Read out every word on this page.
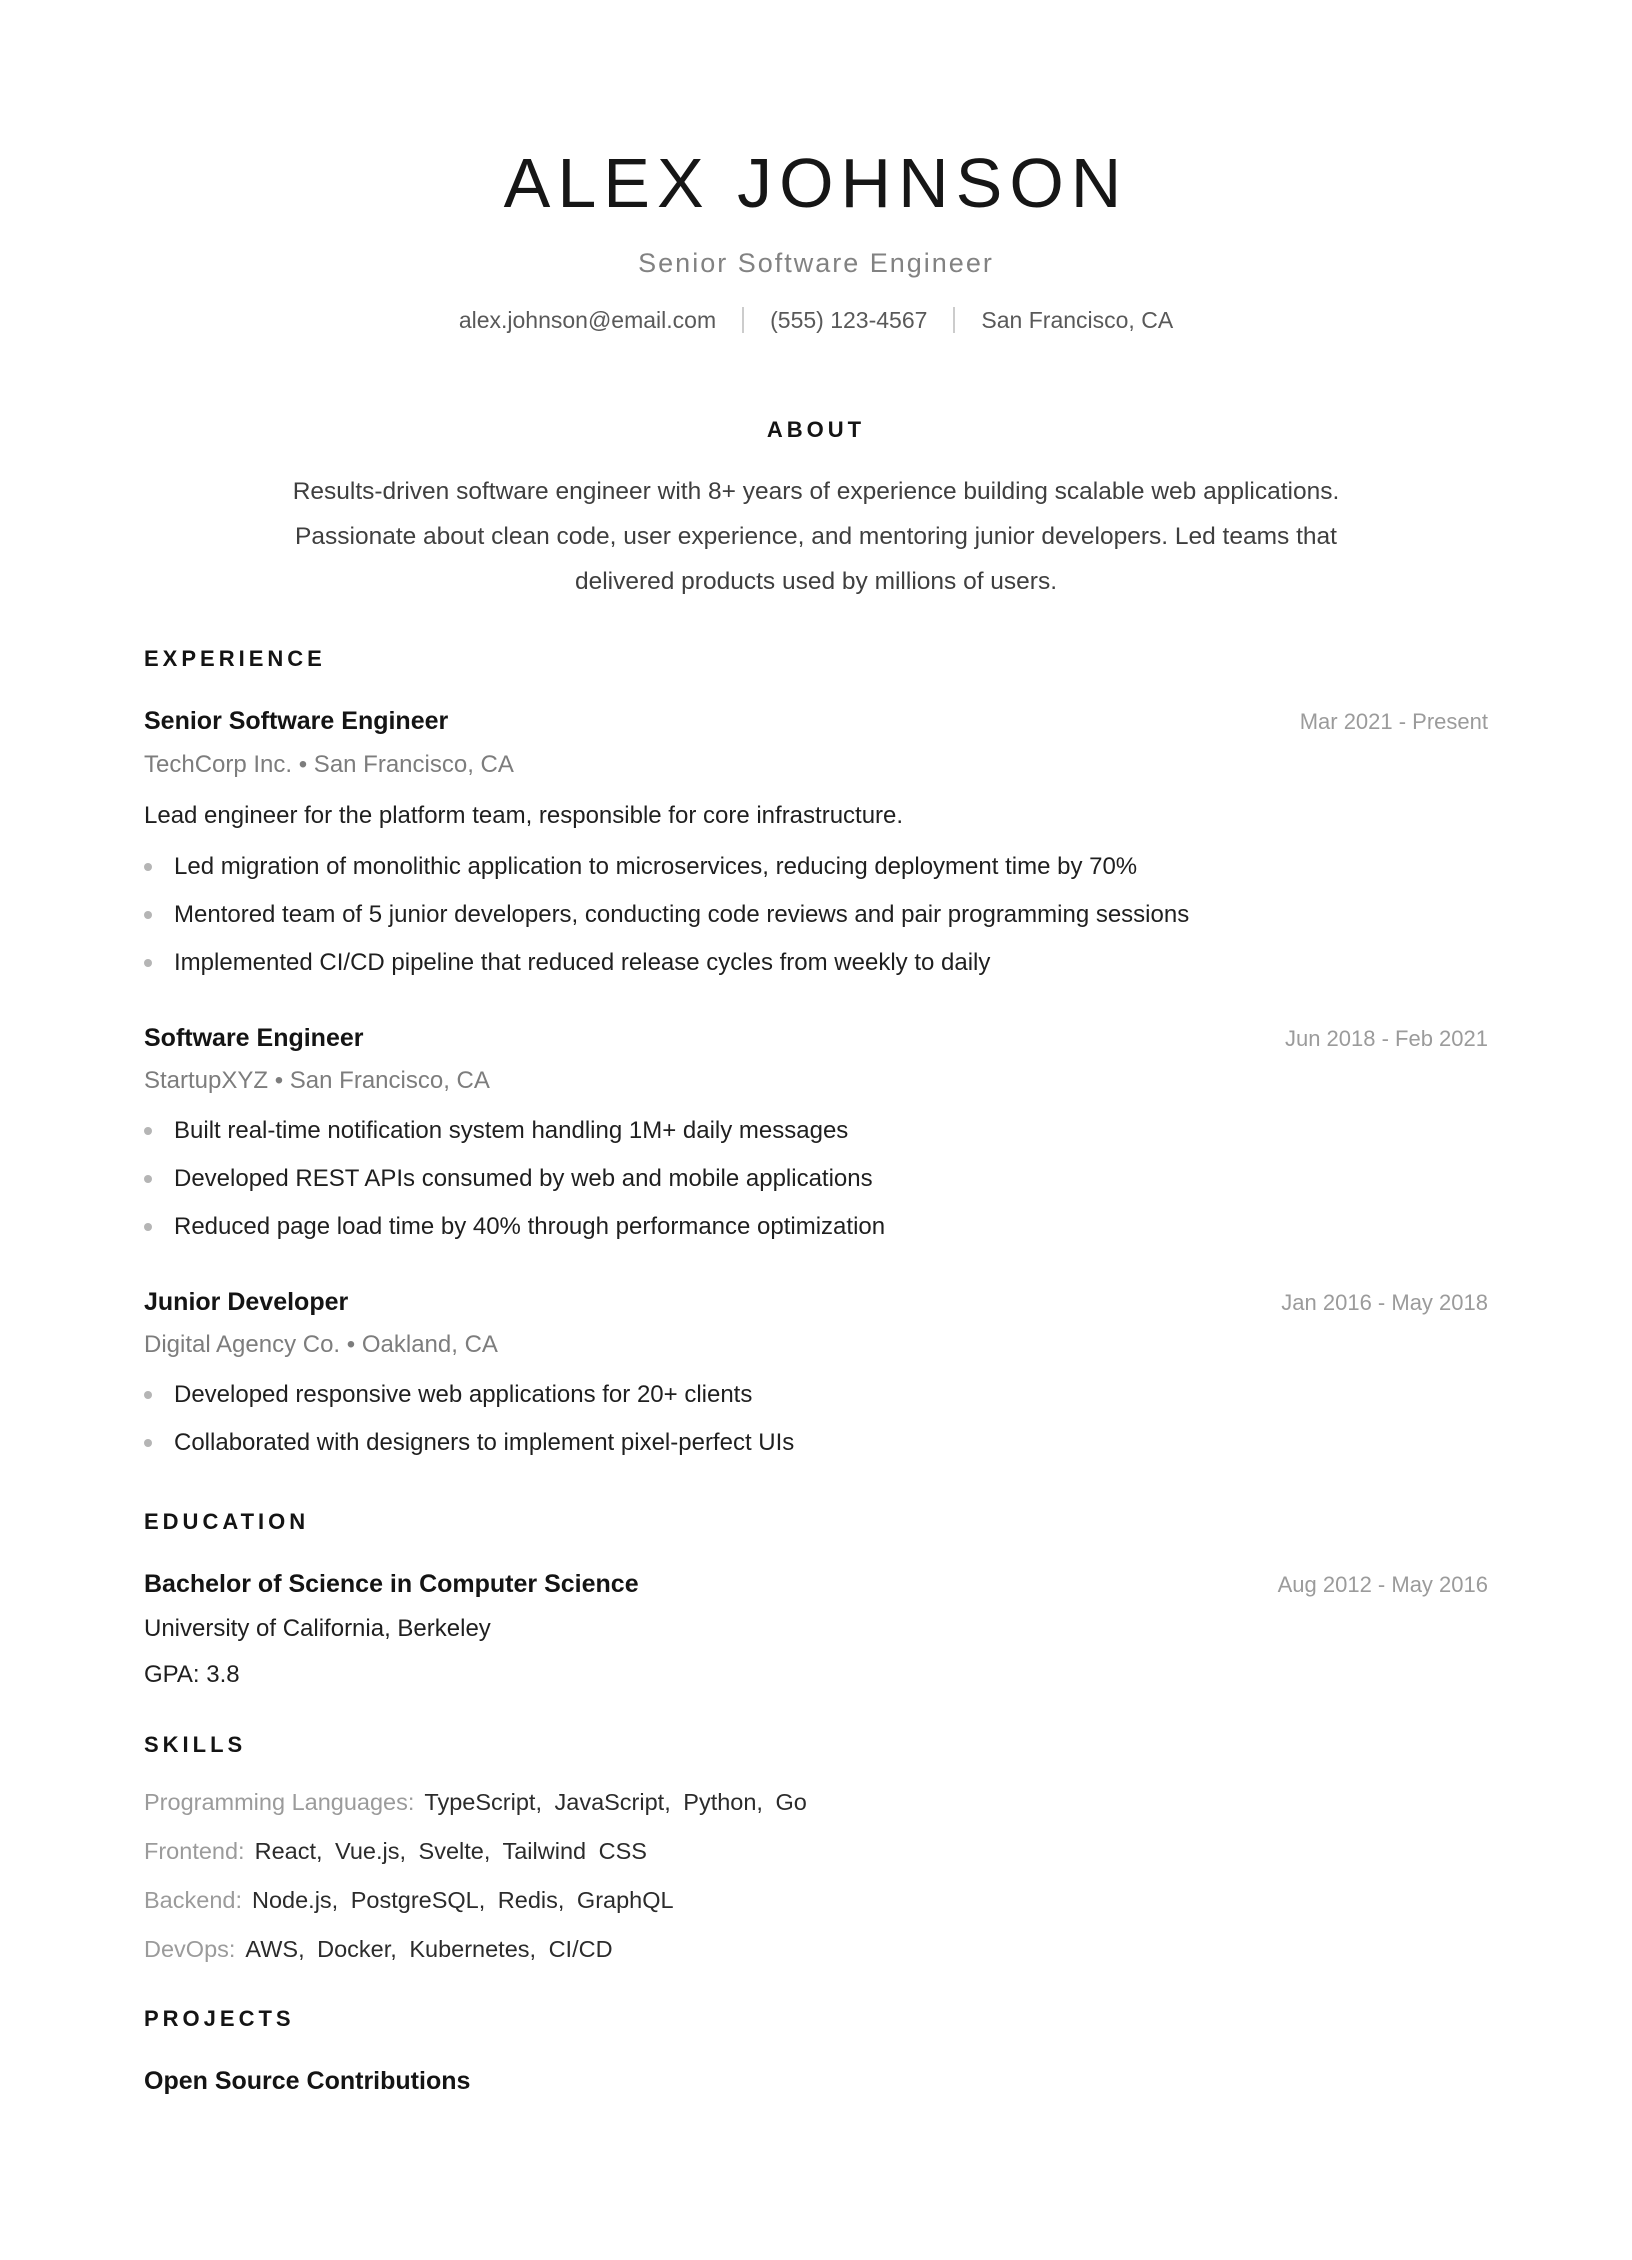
ALEX JOHNSON
Senior Software Engineer
alex.johnson@email.com (555) 123-4567 San Francisco, CA
ABOUT

Results-driven software engineer with 8+ years of experience building scalable web applications. Passionate about clean code, user experience, and mentoring junior developers. Led teams that delivered products used by millions of users.

EXPERIENCE
Senior Software Engineer	Mar 2021 - Present
TechCorp Inc. • San Francisco, CA
Lead engineer for the platform team, responsible for core infrastructure.
Led migration of monolithic application to microservices, reducing deployment time by 70%
Mentored team of 5 junior developers, conducting code reviews and pair programming sessions
Implemented CI/CD pipeline that reduced release cycles from weekly to daily
Software Engineer	Jun 2018 - Feb 2021
StartupXYZ • San Francisco, CA
Built real-time notification system handling 1M+ daily messages
Developed REST APIs consumed by web and mobile applications
Reduced page load time by 40% through performance optimization
Junior Developer	Jan 2016 - May 2018
Digital Agency Co. • Oakland, CA
Developed responsive web applications for 20+ clients
Collaborated with designers to implement pixel-perfect UIs
EDUCATION
Bachelor of Science in Computer Science	Aug 2012 - May 2016
University of California, Berkeley
GPA: 3.8
SKILLS
Programming Languages: TypeScript, JavaScript, Python, Go
Frontend: React, Vue.js, Svelte, Tailwind CSS
Backend: Node.js, PostgreSQL, Redis, GraphQL
DevOps: AWS, Docker, Kubernetes, CI/CD
PROJECTS
Open Source Contributions
